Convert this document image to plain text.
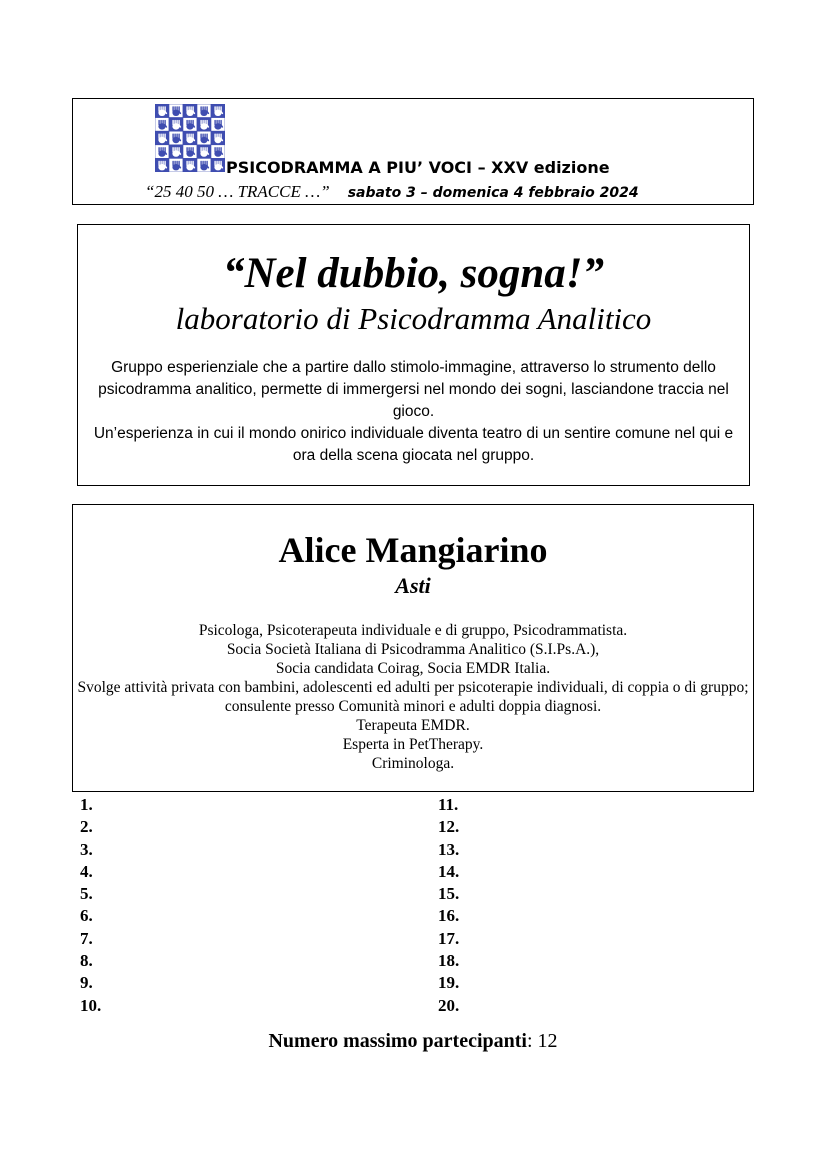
PSICODRAMMA A PIU’ VOCI – XXV edizione
“25 40 50 … TRACCE …” sabato 3 – domenica 4 febbraio 2024
“Nel dubbio, sogna!”
laboratorio di Psicodramma Analitico

Gruppo esperienziale che a partire dallo stimolo-immagine, attraverso lo strumento dello psicodramma analitico, permette di immergersi nel mondo dei sogni, lasciandone traccia nel gioco.

Un’esperienza in cui il mondo onirico individuale diventa teatro di un sentire comune nel qui e ora della scena giocata nel gruppo.

Alice Mangiarino
Asti
Psicologa, Psicoterapeuta individuale e di gruppo, Psicodrammatista.
Socia Società Italiana di Psicodramma Analitico (S.I.Ps.A.),
Socia candidata Coirag, Socia EMDR Italia.
Svolge attività privata con bambini, adolescenti ed adulti per psicoterapie individuali, di coppia o di gruppo; consulente presso Comunità minori e adulti doppia diagnosi.
Terapeuta EMDR.
Esperta in PetTherapy.
Criminologa.
1.
2.
3.
4.
5.
6.
7.
8.
9.
10.
11.
12.
13.
14.
15.
16.
17.
18.
19.
20.
Numero massimo partecipanti: 12
